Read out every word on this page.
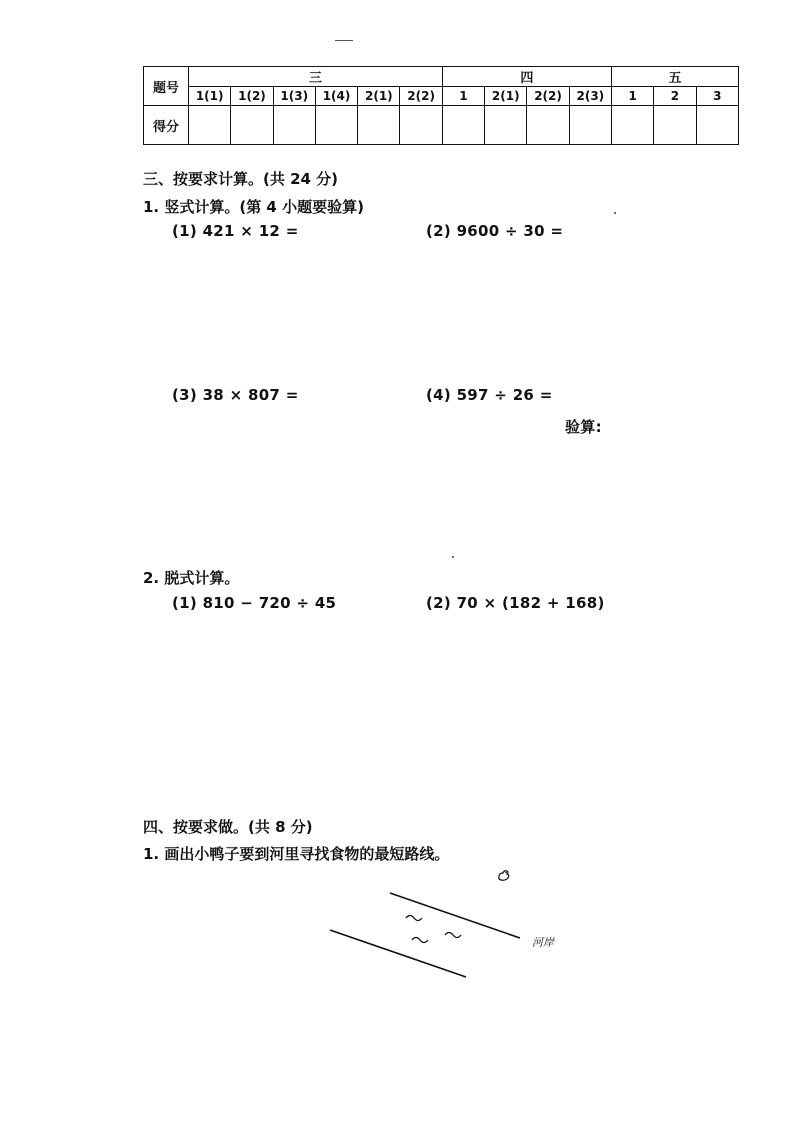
题号	三						四				五		
	1(1)	1(2)	1(3)	1(4)	2(1)	2(2)	1	2(1)	2(2)	2(3)	1	2	3
得分													
三、按要求计算。(共 24 分)
1. 竖式计算。(第 4 小题要验算)
(1) 421 × 12 =	(2) 9600 ÷ 30 =
(3) 38 × 807 =	(4) 597 ÷ 26 =
验算:
2. 脱式计算。
(1) 810 − 720 ÷ 45	(2) 70 × (182 + 168)
四、按要求做。(共 8 分)
1. 画出小鸭子要到河里寻找食物的最短路线。
河岸
